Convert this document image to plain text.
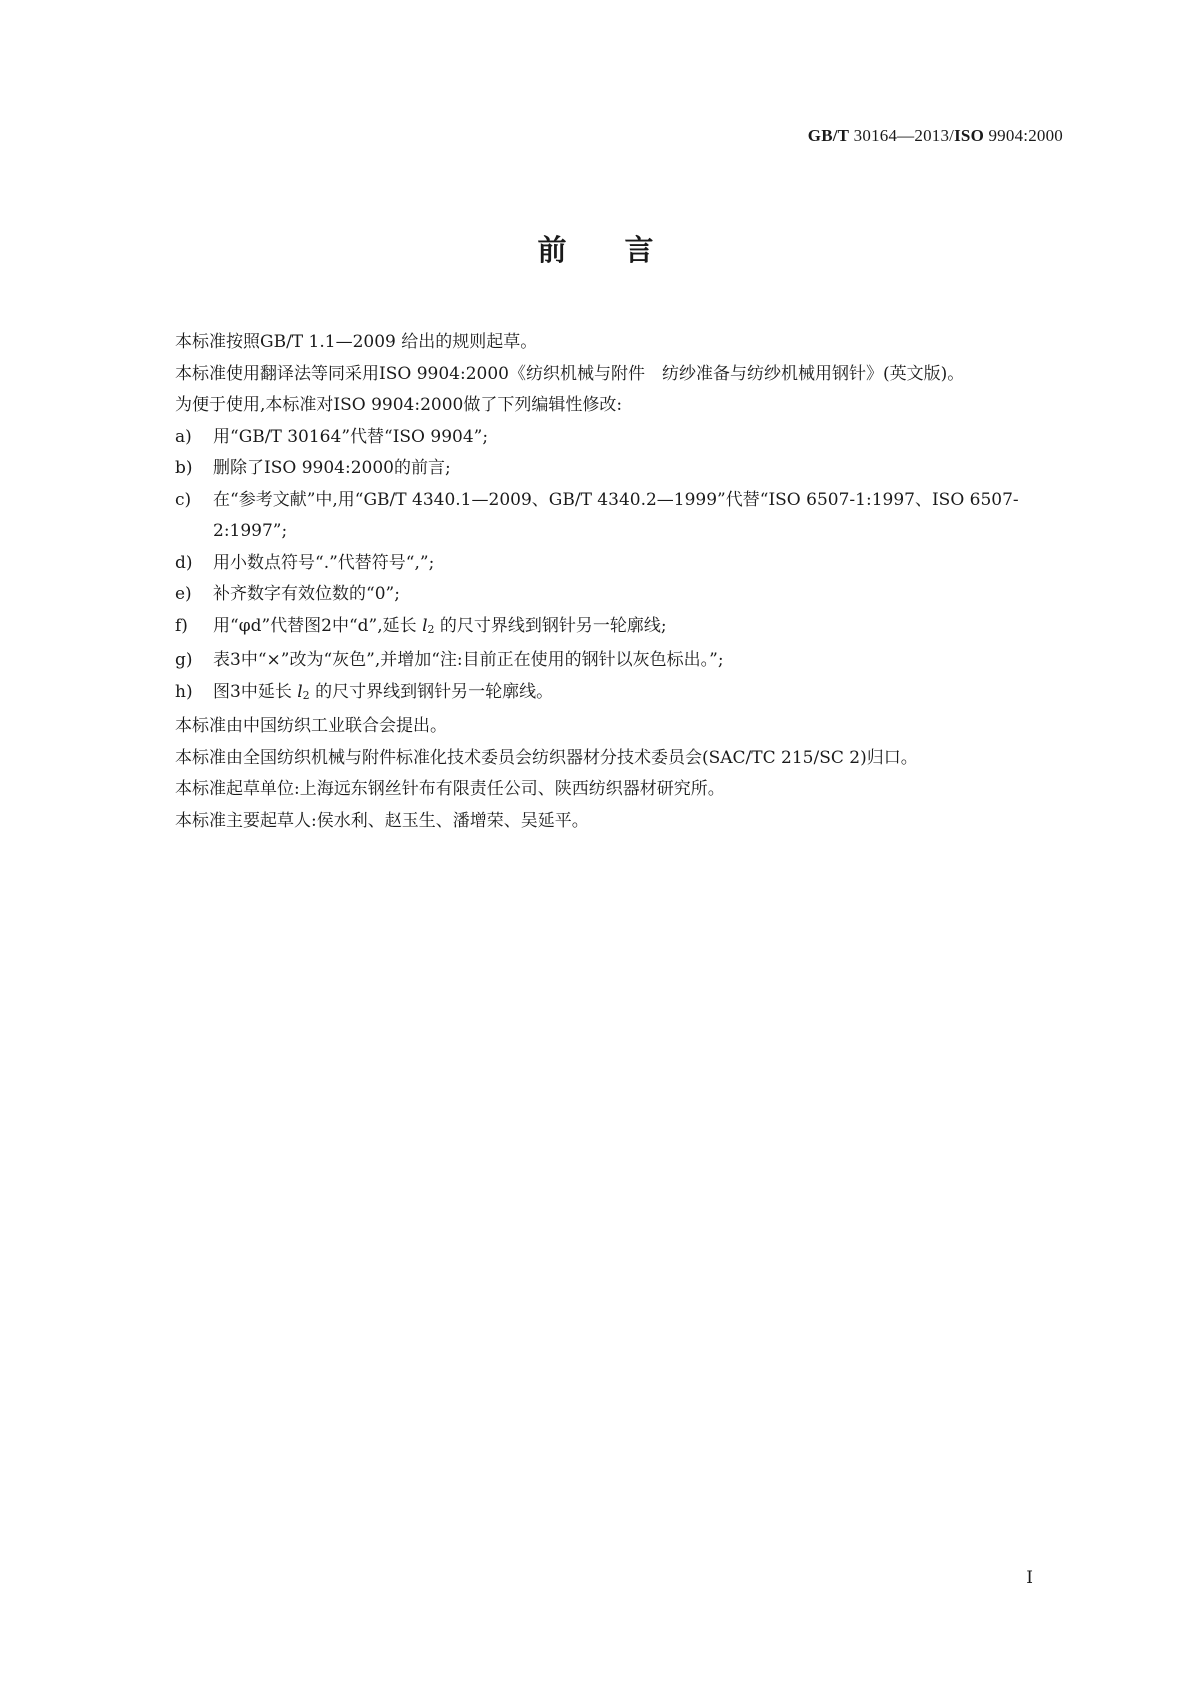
GB/T 30164—2013/ISO 9904:2000
前言

本标准按照GB/T 1.1—2009 给出的规则起草。

本标准使用翻译法等同采用ISO 9904:2000《纺织机械与附件　纺纱准备与纺纱机械用钢针》(英文版)。

为便于使用,本标准对ISO 9904:2000做了下列编辑性修改:

a)	用“GB/T 30164”代替“ISO 9904”;
b)	删除了ISO 9904:2000的前言;
c)	在“参考文献”中,用“GB/T 4340.1—2009、GB/T 4340.2—1999”代替“ISO 6507-1:1997、ISO 6507-2:1997”;
d)	用小数点符号“.”代替符号“,”;
e)	补齐数字有效位数的“0”;
f)	用“φd”代替图2中“d”,延长 $l_2$ 的尺寸界线到钢针另一轮廓线;
g)	表3中“×”改为“灰色”,并增加“注:目前正在使用的钢针以灰色标出。”;
h)	图3中延长 $l_2$ 的尺寸界线到钢针另一轮廓线。

本标准由中国纺织工业联合会提出。

本标准由全国纺织机械与附件标准化技术委员会纺织器材分技术委员会(SAC/TC 215/SC 2)归口。

本标准起草单位:上海远东钢丝针布有限责任公司、陕西纺织器材研究所。

本标准主要起草人:侯水利、赵玉生、潘增荣、吴延平。

I
